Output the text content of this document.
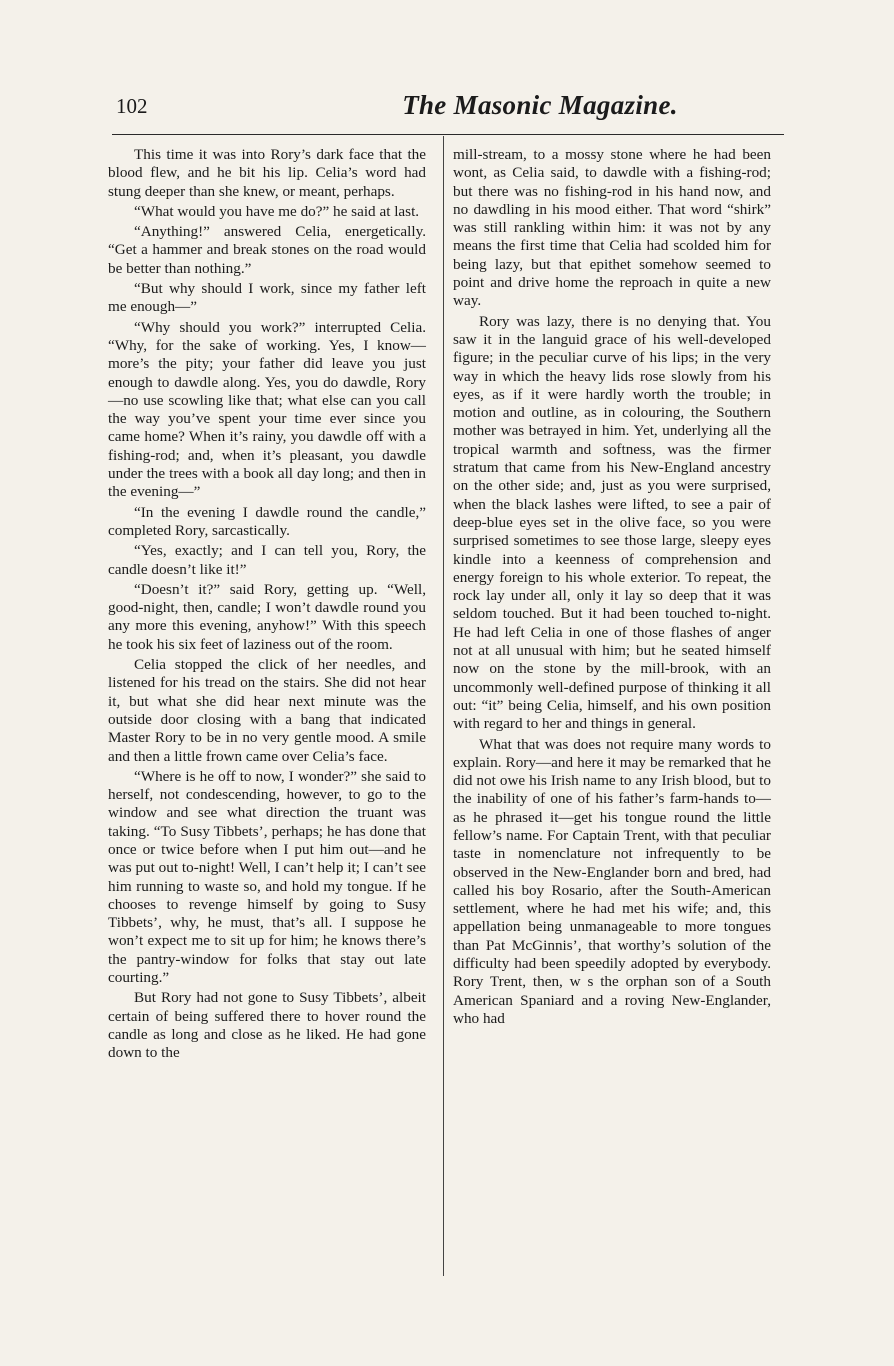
102	The Masonic Magazine.

This time it was into Rory’s dark face that the blood flew, and he bit his lip. Celia’s word had stung deeper than she knew, or meant, perhaps.

“What would you have me do?” he said at last.

“Anything!” answered Celia, energetically. “Get a hammer and break stones on the road would be better than nothing.”

“But why should I work, since my father left me enough—”

“Why should you work?” interrupted Celia. “Why, for the sake of working. Yes, I know—more’s the pity; your father did leave you just enough to dawdle along. Yes, you do dawdle, Rory—no use scowling like that; what else can you call the way you’ve spent your time ever since you came home? When it’s rainy, you dawdle off with a fishing-rod; and, when it’s pleasant, you dawdle under the trees with a book all day long; and then in the evening—”

“In the evening I dawdle round the candle,” completed Rory, sarcastically.

“Yes, exactly; and I can tell you, Rory, the candle doesn’t like it!”

“Doesn’t it?” said Rory, getting up. “Well, good-night, then, candle; I won’t dawdle round you any more this evening, anyhow!” With this speech he took his six feet of laziness out of the room.

Celia stopped the click of her needles, and listened for his tread on the stairs. She did not hear it, but what she did hear next minute was the outside door closing with a bang that indicated Master Rory to be in no very gentle mood. A smile and then a little frown came over Celia’s face.

“Where is he off to now, I wonder?” she said to herself, not condescending, however, to go to the window and see what direction the truant was taking. “To Susy Tibbets’, perhaps; he has done that once or twice before when I put him out—and he was put out to-night! Well, I can’t help it; I can’t see him running to waste so, and hold my tongue. If he chooses to revenge himself by going to Susy Tibbets’, why, he must, that’s all. I suppose he won’t expect me to sit up for him; he knows there’s the pantry-window for folks that stay out late courting.”

But Rory had not gone to Susy Tibbets’, albeit certain of being suffered there to hover round the candle as long and close as he liked. He had gone down to the

mill-stream, to a mossy stone where he had been wont, as Celia said, to dawdle with a fishing-rod; but there was no fishing-rod in his hand now, and no dawdling in his mood either. That word “shirk” was still rankling within him: it was not by any means the first time that Celia had scolded him for being lazy, but that epithet somehow seemed to point and drive home the reproach in quite a new way.

Rory was lazy, there is no denying that. You saw it in the languid grace of his well-developed figure; in the peculiar curve of his lips; in the very way in which the heavy lids rose slowly from his eyes, as if it were hardly worth the trouble; in motion and outline, as in colouring, the Southern mother was betrayed in him. Yet, underlying all the tropical warmth and softness, was the firmer stratum that came from his New-England ancestry on the other side; and, just as you were surprised, when the black lashes were lifted, to see a pair of deep-blue eyes set in the olive face, so you were surprised sometimes to see those large, sleepy eyes kindle into a keenness of comprehension and energy foreign to his whole exterior. To repeat, the rock lay under all, only it lay so deep that it was seldom touched. But it had been touched to-night. He had left Celia in one of those flashes of anger not at all unusual with him; but he seated himself now on the stone by the mill-brook, with an uncommonly well-defined purpose of thinking it all out: “it” being Celia, himself, and his own position with regard to her and things in general.

What that was does not require many words to explain. Rory—and here it may be remarked that he did not owe his Irish name to any Irish blood, but to the inability of one of his father’s farm-hands to—as he phrased it—get his tongue round the little fellow’s name. For Captain Trent, with that peculiar taste in nomenclature not infrequently to be observed in the New-Englander born and bred, had called his boy Rosario, after the South-American settlement, where he had met his wife; and, this appellation being unmanageable to more tongues than Pat McGinnis’, that worthy’s solution of the difficulty had been speedily adopted by everybody. Rory Trent, then, w s the orphan son of a South American Spaniard and a roving New-Englander, who had
